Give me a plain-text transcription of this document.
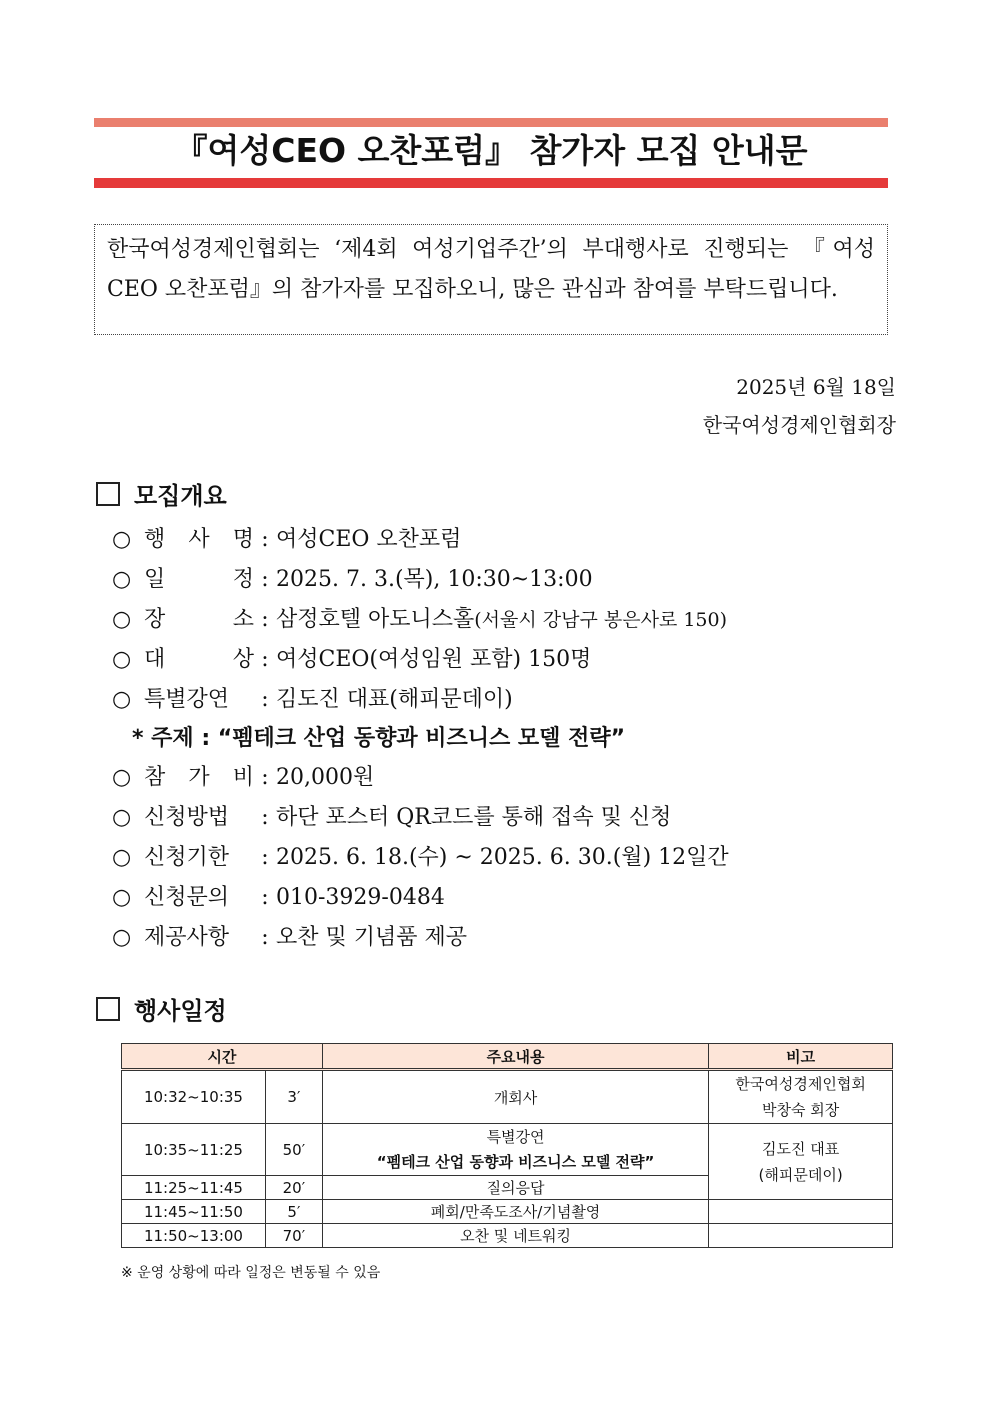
『여성CEO 오찬포럼』 참가자 모집 안내문
한국여성경제인협회는 ‘제4회 여성기업주간’의 부대행사로 진행되는 『여성CEO 오찬포럼』의 참가자를 모집하오니, 많은 관심과 참여를 부탁드립니다.
2025년 6월 18일
한국여성경제인협회장
모집개요
○ 행 사 명 : 여성CEO 오찬포럼
○ 일 정 : 2025. 7. 3.(목), 10:30~13:00
○ 장 소 : 삼정호텔 아도니스홀(서울시 강남구 봉은사로 150)
○ 대 상 : 여성CEO(여성임원 포함) 150명
○ 특별강연 : 김도진 대표(해피문데이)
* 주제 : “펨테크 산업 동향과 비즈니스 모델 전략”
○ 참 가 비 : 20,000원
○ 신청방법 : 하단 포스터 QR코드를 통해 접속 및 신청
○ 신청기한 : 2025. 6. 18.(수) ~ 2025. 6. 30.(월) 12일간
○ 신청문의 : 010-3929-0484
○ 제공사항 : 오찬 및 기념품 제공
행사일정
시간		주요내용	비고
10:32~10:35	3′	개회사	한국여성경제인협회
박창숙 회장
10:35~11:25	50′	특별강연
“펨테크 산업 동향과 비즈니스 모델 전략”	김도진 대표
(해피문데이)
11:25~11:45	20′	질의응답	
11:45~11:50	5′	폐회/만족도조사/기념촬영	
11:50~13:00	70′	오찬 및 네트워킹	
※ 운영 상황에 따라 일정은 변동될 수 있음
